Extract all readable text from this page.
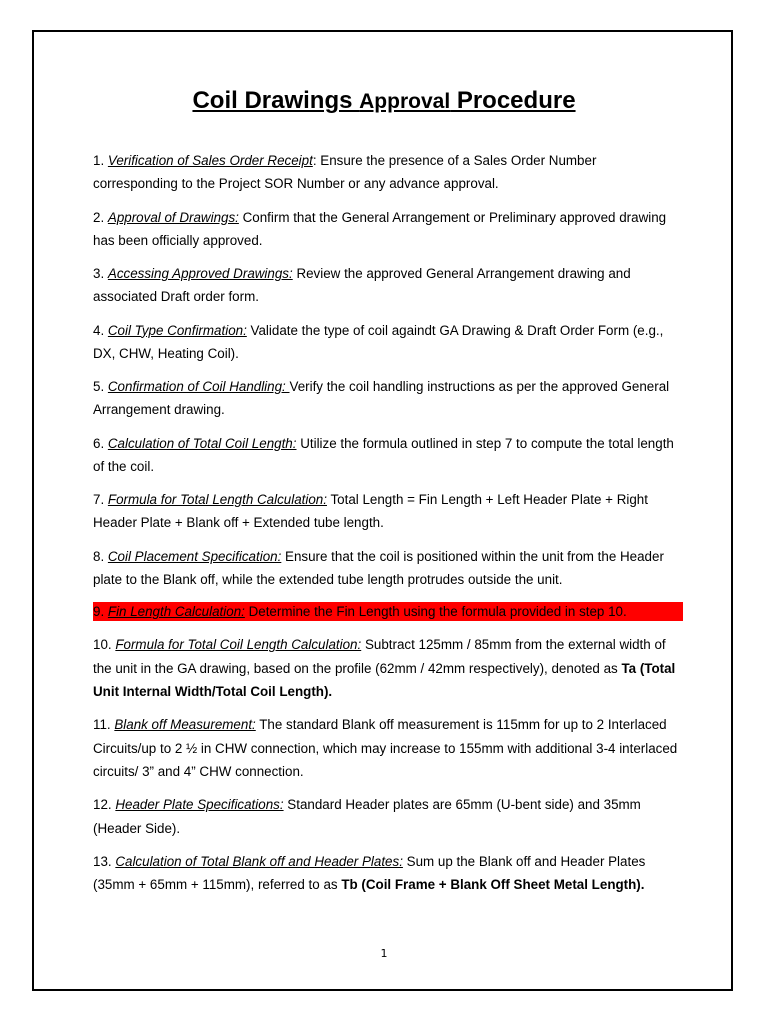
Coil Drawings Approval Procedure

1. Verification of Sales Order Receipt: Ensure the presence of a Sales Order Number corresponding to the Project SOR Number or any advance approval.

2. Approval of Drawings: Confirm that the General Arrangement or Preliminary approved drawing has been officially approved.

3. Accessing Approved Drawings: Review the approved General Arrangement drawing and associated Draft order form.

4. Coil Type Confirmation: Validate the type of coil againdt GA Drawing & Draft Order Form (e.g., DX, CHW, Heating Coil).

5. Confirmation of Coil Handling: Verify the coil handling instructions as per the approved General Arrangement drawing.

6. Calculation of Total Coil Length: Utilize the formula outlined in step 7 to compute the total length of the coil.

7. Formula for Total Length Calculation: Total Length = Fin Length + Left Header Plate + Right Header Plate + Blank off + Extended tube length.

8. Coil Placement Specification: Ensure that the coil is positioned within the unit from the Header plate to the Blank off, while the extended tube length protrudes outside the unit.

9. Fin Length Calculation: Determine the Fin Length using the formula provided in step 10.

10. Formula for Total Coil Length Calculation: Subtract 125mm / 85mm from the external width of the unit in the GA drawing, based on the profile (62mm / 42mm respectively), denoted as Ta (Total Unit Internal Width/Total Coil Length).

11. Blank off Measurement: The standard Blank off measurement is 115mm for up to 2 Interlaced Circuits/up to 2 ½ in CHW connection, which may increase to 155mm with additional 3-4 interlaced circuits/ 3” and 4” CHW connection.

12. Header Plate Specifications: Standard Header plates are 65mm (U-bent side) and 35mm (Header Side).

13. Calculation of Total Blank off and Header Plates: Sum up the Blank off and Header Plates (35mm + 65mm + 115mm), referred to as Tb (Coil Frame + Blank Off Sheet Metal Length).

1
